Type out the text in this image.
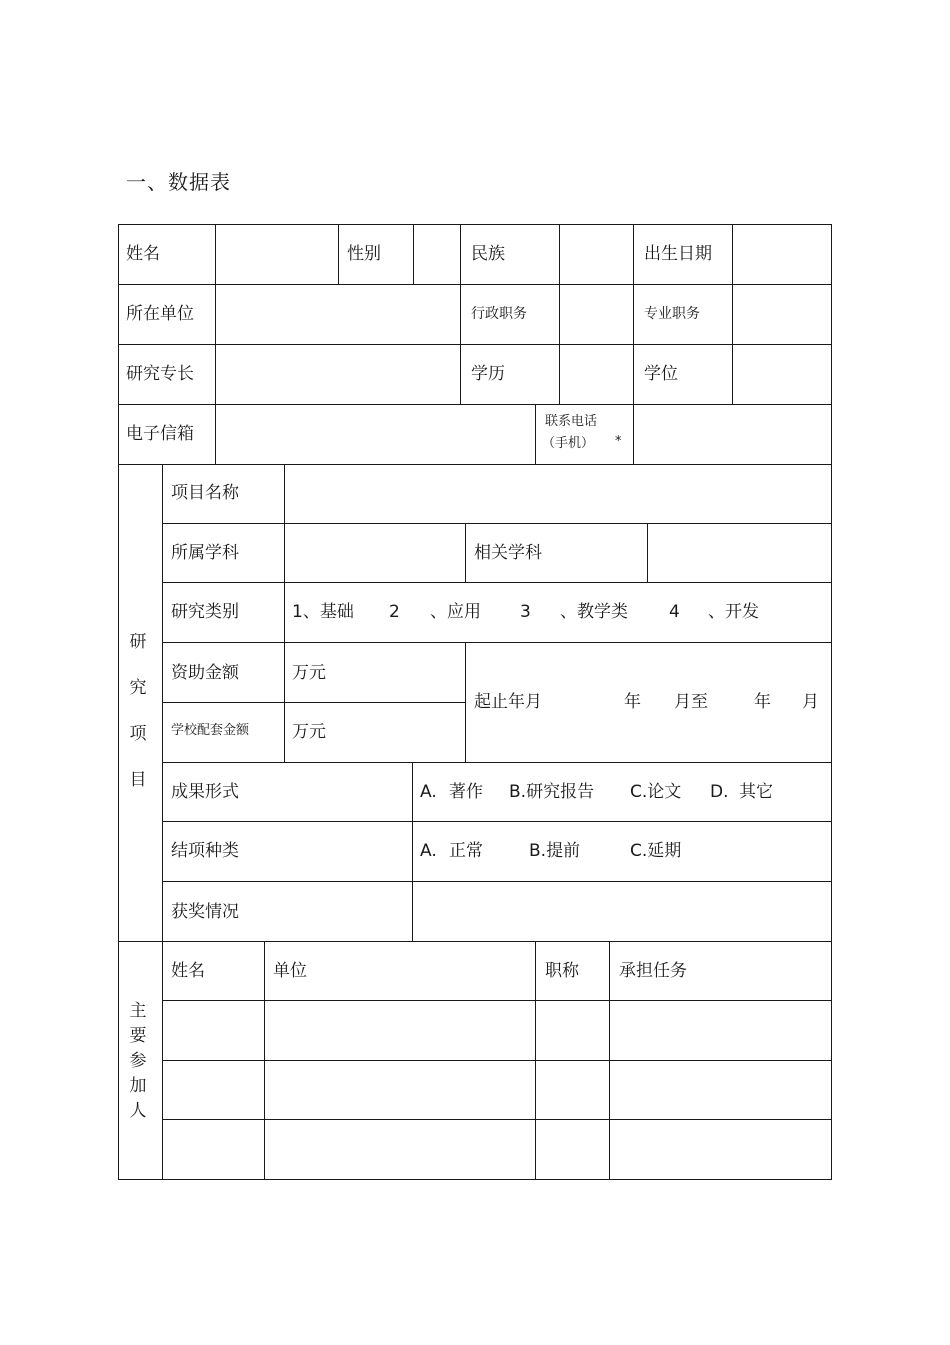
一、数据表
姓名	性别	民族	出生日期
所在单位	行政职务	专业职务
研究专长	学历	学位
电子信箱
联系电话
（手机） *
研究项目
项目名称
所属学科	相关学科
研究类别	1、基础 2 、应用 3 、教学类 4 、开发
资助金额	万元
学校配套金额	万元
起止年月	年 月至	年 月
成果形式	A. 著作 B.研究报告 C.论文 D. 其它
结项种类	A. 正常	B.提前	C.延期
获奖情况
主要参加人
姓名	单位	职称 承担任务
